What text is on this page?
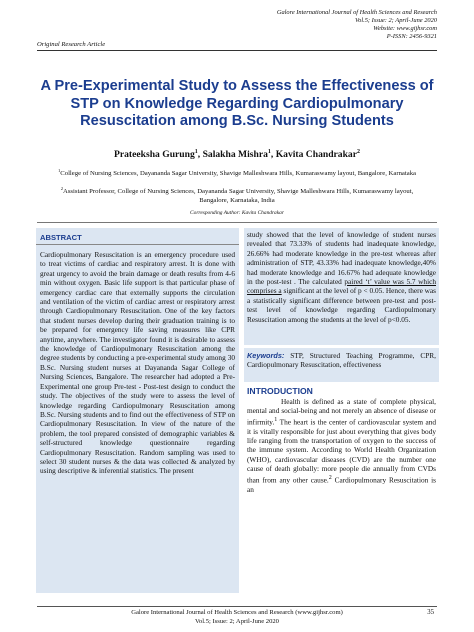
Galore International Journal of Health Sciences and Research
Vol.5; Issue: 2; April-June 2020
Website: www.gijhsr.com
P-ISSN: 2456-9321
Original Research Article
A Pre-Experimental Study to Assess the Effectiveness of STP on Knowledge Regarding Cardiopulmonary Resuscitation among B.Sc. Nursing Students
Prateeksha Gurung$^1$, Salakha Mishra$^1$, Kavita Chandrakar$^2$
$^1$College of Nursing Sciences, Dayananda Sagar University, Shavige Malleshwara Hills, Kumaraswamy layout, Bangalore, Karnataka
$^2$Assistant Professor, College of Nursing Sciences, Dayananda Sagar University, Shavige Malleshwara Hills, Kumaraswamy layout, Bangalore, Karnataka, India
Corresponding Author: Kavita Chandrakar
ABSTRACT
Cardiopulmonary Resuscitation is an emergency procedure used to treat victims of cardiac and respiratory arrest. It is done with great urgency to avoid the brain damage or death results from 4-6 min without oxygen. Basic life support is that particular phase of emergency cardiac care that externally supports the circulation and ventilation of the victim of cardiac arrest or respiratory arrest through Cardiopulmonary Resuscitation. One of the key factors that student nurses develop during their graduation training is to be prepared for emergency life saving measures like CPR anytime, anywhere. The investigator found it is desirable to assess the knowledge of Cardiopulmonary Resuscitation among the degree students by conducting a pre-experimental study among 30 B.Sc. Nursing student nurses at Dayananda Sagar College of Nursing Sciences, Bangalore. The researcher had adopted a Pre-Experimental one group Pre-test - Post-test design to conduct the study. The objectives of the study were to assess the level of knowledge regarding Cardiopulmonary Resuscitation among B.Sc. Nursing students and to find out the effectiveness of STP on Cardiopulmonary Resuscitation. In view of the nature of the problem, the tool prepared consisted of demographic variables & self-structured knowledge questionnaire regarding Cardiopulmonary Resuscitation. Random sampling was used to select 30 student nurses & the data was collected & analyzed by using descriptive & inferential statistics. The present
study showed that the level of knowledge of student nurses revealed that 73.33% of students had inadequate knowledge, 26.66% had moderate knowledge in the pre-test whereas after administration of STP, 43.33% had inadequate knowledge,40% had moderate knowledge and 16.67% had adequate knowledge in the post-test . The calculated paired ‘t’ value was 5.7 which comprises a significant at the level of p < 0.05. Hence, there was a statistically significant difference between pre-test and post-test level of knowledge regarding Cardiopulmonary Resuscitation among the students at the level of p<0.05.
Keywords: STP, Structured Teaching Programme, CPR, Cardiopulmonary Resuscitation, effectiveness
INTRODUCTION
Health is defined as a state of complete physical, mental and social-being and not merely an absence of disease or infirmity.$^1$ The heart is the center of cardiovascular system and it is vitally responsible for just about everything that gives body life ranging from the transportation of oxygen to the success of the immune system. According to World Health Organization (WHO), cardiovascular diseases (CVD) are the number one cause of death globally: more people die annually from CVDs than from any other cause.$^2$ Cardiopulmonary Resuscitation is an
Galore International Journal of Health Sciences and Research (www.gijhsr.com)
Vol.5; Issue: 2; April-June 2020
35
